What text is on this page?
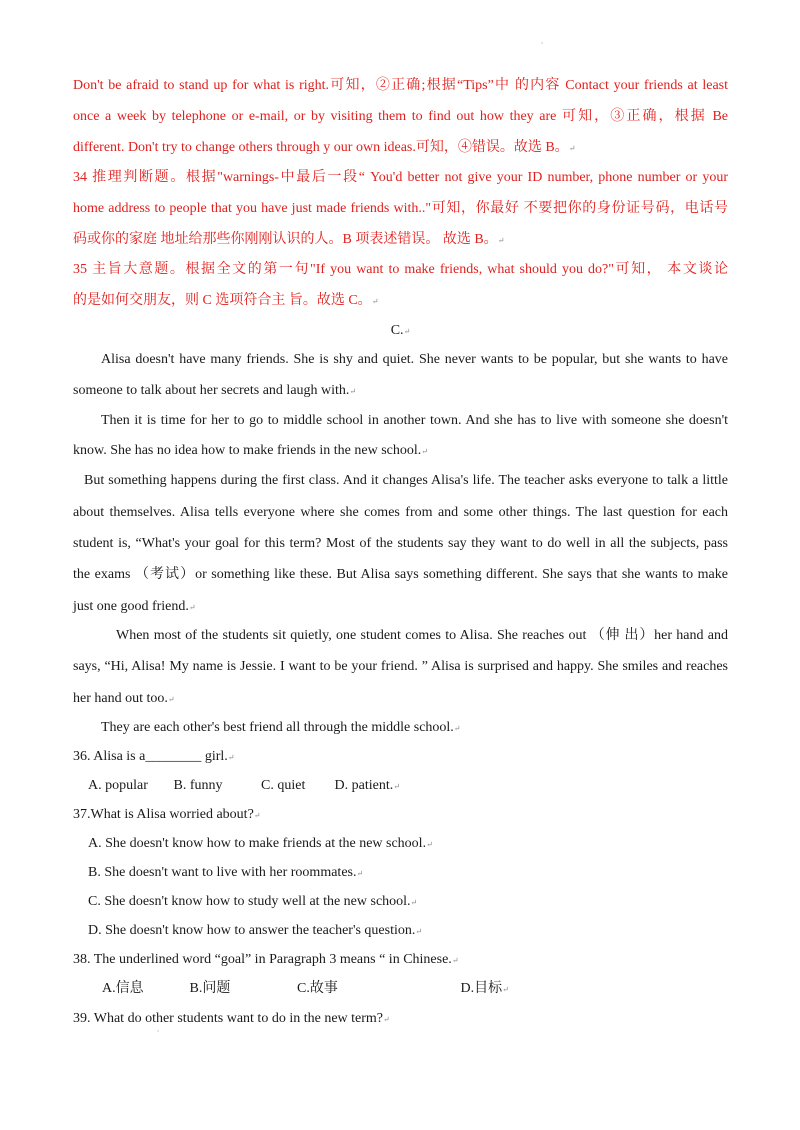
″
Don't be afraid to stand up for what is right.可知，②正确;根据“Tips”中 的内容 Contact your friends at least
once a week by telephone or e-mail, or by visiting them to find out how they are 可知，③正确，根据 Be
different. Don't try to change others through y our own ideas.可知，④错误。故选 B。↵
34 推理判断题。根据"warnings-中最后一段“ You'd better not give your ID number, phone number or your
home address to people that you have just made friends with.."可知，你最好 不要把你的身份证号码，电话号
码或你的家庭 地址给那些你刚刚认识的人。B 项表述错误。 故选 B。↵
35 主旨大意题。根据全文的第一句"If you want to make friends, what should you do?"可知， 本文谈论
的是如何交朋友，则 C 选项符合主 旨。故选 C。↵
C.↵
Alisa doesn't have many friends. She is shy and quiet. She never wants to be popular, but she wants to have
someone to talk about her secrets and laugh with.↵
Then it is time for her to go to middle school in another town. And she has to live with someone she doesn't
know. She has no idea how to make friends in the new school.↵
But something happens during the first class. And it changes Alisa's life. The teacher asks everyone to talk a little
about themselves. Alisa tells everyone where she comes from and some other things. The last question for each
student is, “What's your goal for this term? Most of the students say they want to do well in all the subjects, pass
the exams （考试）or something like these. But Alisa says something different. She says that she wants to make
just one good friend.↵
When most of the students sit quietly, one student comes to Alisa. She reaches out （伸 出）her hand and
says, “Hi, Alisa! My name is Jessie. I want to be your friend. ” Alisa is surprised and happy. She smiles and reaches
her hand out too.↵
They are each other's best friend all through the middle school.↵
36. Alisa is a________ girl.↵
A. popular B. funny	C. quiet D. patient.↵
37.What is Alisa worried about?↵
A. She doesn't know how to make friends at the new school.↵
B. She doesn't want to live with her roommates.↵
C. She doesn't know how to study well at the new school.↵
D. She doesn't know how to answer the teacher's question.↵
38. The underlined word “goal” in Paragraph 3 means “ in Chinese.↵
A.信息	B.问题	C.故事	D.目标↵
39. What do other students want to do in the new term?↵
″
